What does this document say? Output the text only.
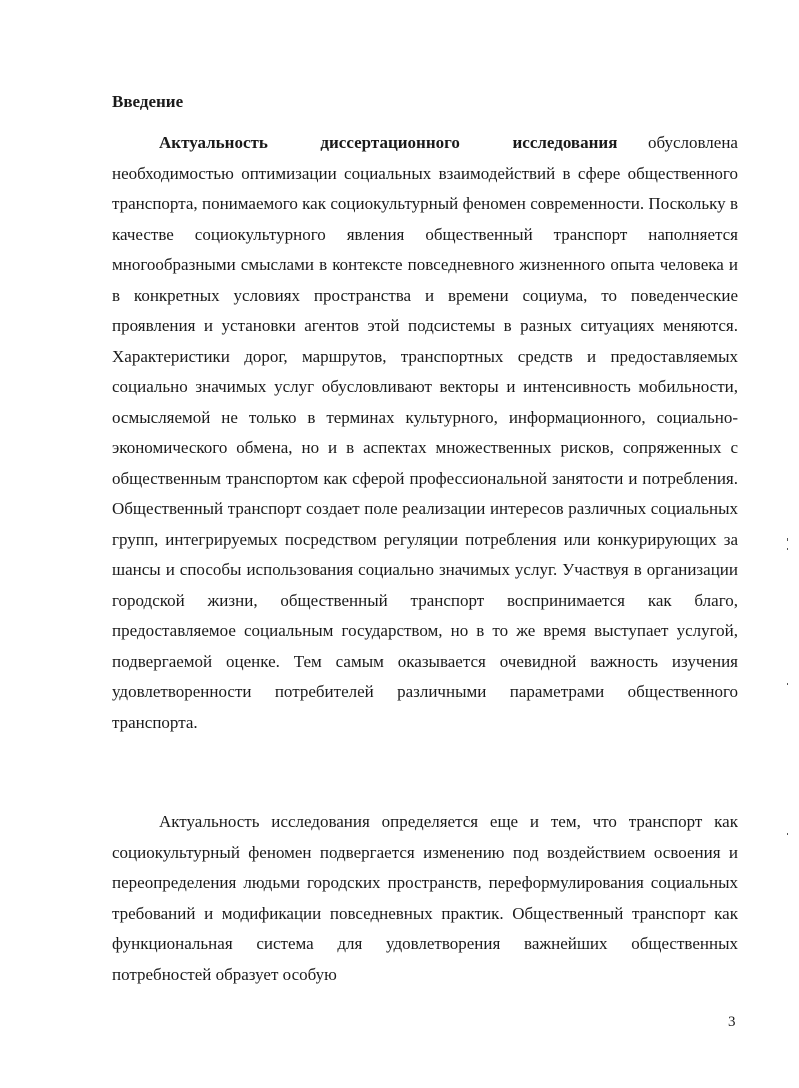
Введение

Актуальность диссертационного исследования обусловлена необходимостью оптимизации социальных взаимодействий в сфере общественного транспорта, понимаемого как социокультурный феномен современности. Поскольку в качестве социокультурного явления общественный транспорт наполняется многообразными смыслами в контексте повседневного жизненного опыта человека и в конкретных условиях пространства и времени социума, то поведенческие проявления и установки агентов этой подсистемы в разных ситуациях меняются. Характеристики дорог, маршрутов, транспортных средств и предоставляемых социально значимых услуг обусловливают векторы и интенсивность мобильности, осмысляемой не только в терминах культурного, информационного, социально-экономического обмена, но и в аспектах множественных рисков, сопряженных с общественным транспортом как сферой профессиональной занятости и потребления. Общественный транспорт создает поле реализации интересов различных социальных групп, интегрируемых посредством регуляции потребления или конкурирующих за шансы и способы использования социально значимых услуг. Участвуя в организации городской жизни, общественный транспорт воспринимается как благо, предоставляемое социальным государством, но в то же время выступает услугой, подвергаемой оценке. Тем самым оказывается очевидной важность изучения удовлетворенности потребителей различными параметрами общественного транспорта.

Актуальность исследования определяется еще и тем, что транспорт как социокультурный феномен подвергается изменению под воздействием освоения и переопределения людьми городских пространств, переформулирования социальных требований и модификации повседневных практик. Общественный транспорт как функциональная система для удовлетворения важнейших общественных потребностей образует особую

3
